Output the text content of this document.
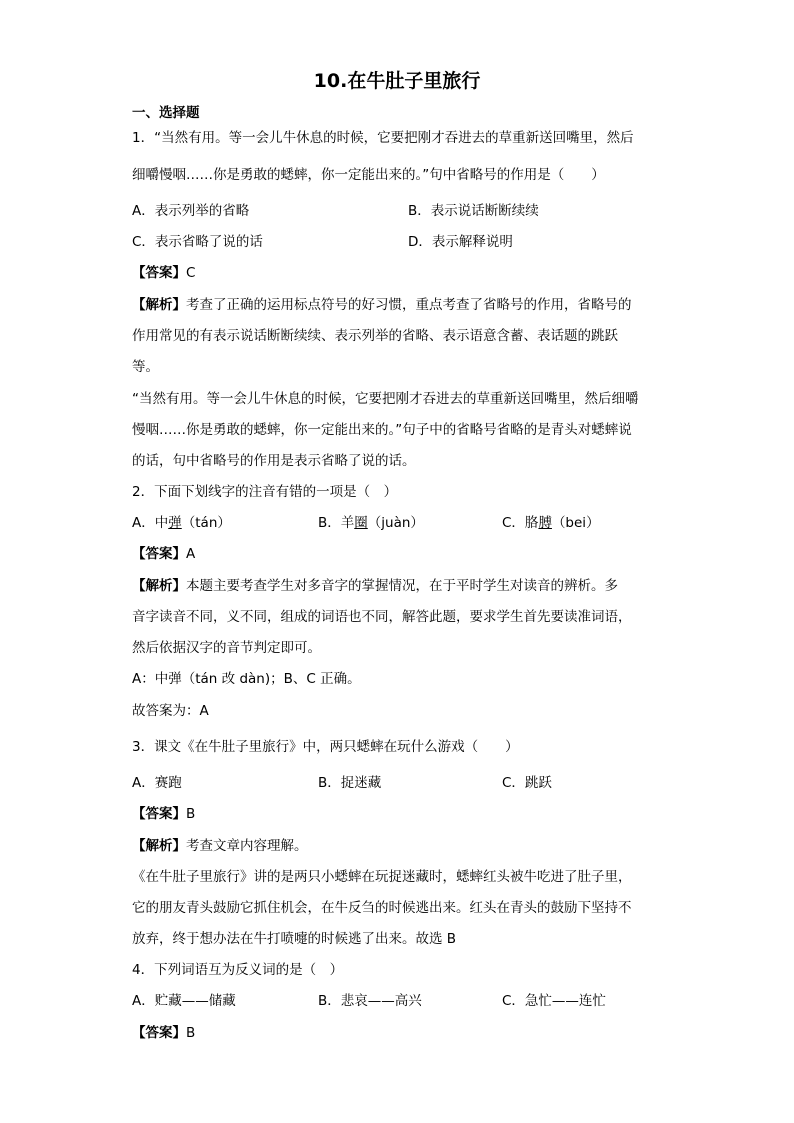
10.在牛肚子里旅行
一、选择题
1．“当然有用。等一会儿牛休息的时候，它要把刚才吞进去的草重新送回嘴里，然后
细嚼慢咽……你是勇敢的蟋蟀，你一定能出来的。”句中省略号的作用是（　　）
A．表示列举的省略	B．表示说话断断续续
C．表示省略了说的话	D．表示解释说明
【答案】C
【解析】考查了正确的运用标点符号的好习惯，重点考查了省略号的作用，省略号的
作用常见的有表示说话断断续续、表示列举的省略、表示语意含蓄、表话题的跳跃
等。
“当然有用。等一会儿牛休息的时候，它要把刚才吞进去的草重新送回嘴里，然后细嚼
慢咽……你是勇敢的蟋蟀，你一定能出来的。”句子中的省略号省略的是青头对蟋蟀说
的话，句中省略号的作用是表示省略了说的话。
2．下面下划线字的注音有错的一项是（　）
A．中弹（tán）	B．羊圈（juàn）	C．胳膊（bei）
【答案】A
【解析】本题主要考查学生对多音字的掌握情况，在于平时学生对读音的辨析。多
音字读音不同，义不同，组成的词语也不同，解答此题，要求学生首先要读准词语，
然后依据汉字的音节判定即可。
A：中弹（tán 改 dàn)；B、C 正确。
故答案为：A
3．课文《在牛肚子里旅行》中，两只蟋蟀在玩什么游戏（　　）
A．赛跑	B．捉迷藏	C．跳跃
【答案】B
【解析】考查文章内容理解。
《在牛肚子里旅行》讲的是两只小蟋蟀在玩捉迷藏时，蟋蟀红头被牛吃进了肚子里，
它的朋友青头鼓励它抓住机会，在牛反刍的时候逃出来。红头在青头的鼓励下坚持不
放弃，终于想办法在牛打喷嚏的时候逃了出来。故选 B
4．下列词语互为反义词的是（　）
A．贮藏——储藏	B．悲哀——高兴	C．急忙——连忙
【答案】B
